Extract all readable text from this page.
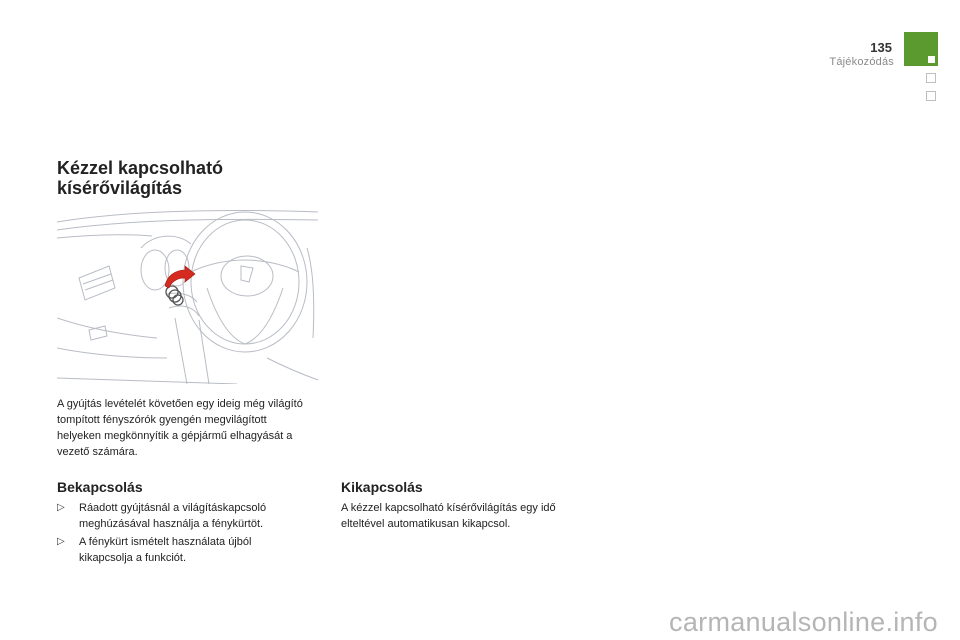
135
Tájékozódás
Kézzel kapcsolható
kísérővilágítás

A gyújtás levételét követően egy ideig még világító tompított fényszórók gyengén megvilágított helyeken megkönnyítik a gépjármű elhagyását a vezető számára.

Bekapcsolás
▷ Ráadott gyújtásnál a világításkapcsoló meghúzásával használja a fénykürtöt.
▷ A fénykürt ismételt használata újból kikapcsolja a funkciót.
Kikapcsolás

A kézzel kapcsolható kísérővilágítás egy idő elteltével automatikusan kikapcsol.

carmanualsonline.info
